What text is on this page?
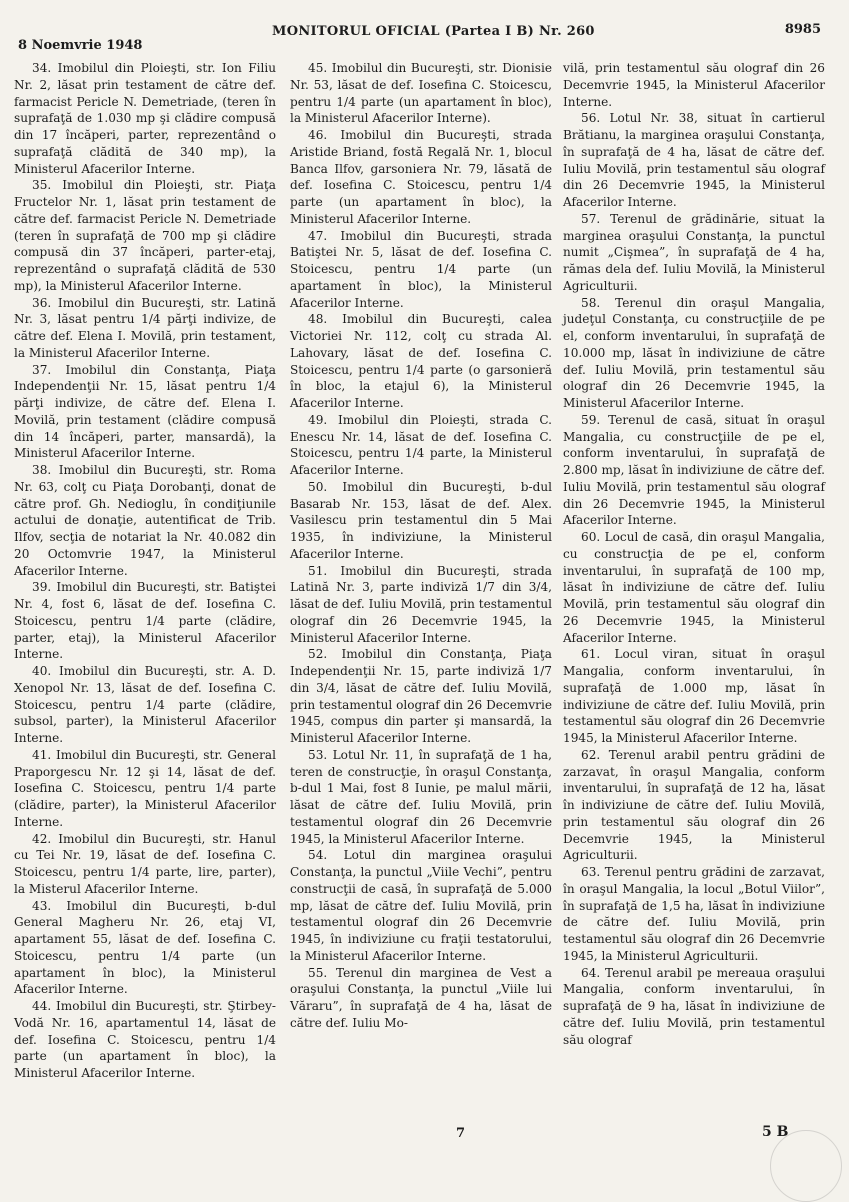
8 Noemvrie 1948
MONITORUL OFICIAL (Partea I B) Nr. 260	8985

34. Imobilul din Ploieşti, str. Ion Filiu Nr. 2, lăsat prin testament de către def. farmacist Pericle N. Demetriade, (teren în suprafaţă de 1.030 mp şi clădire compusă din 17 încăperi, parter, reprezentând o suprafaţă clădită de 340 mp), la Ministerul Afacerilor Interne.

35. Imobilul din Ploieşti, str. Piaţa Fructelor Nr. 1, lăsat prin testament de către def. farmacist Pericle N. Demetriade (teren în suprafaţă de 700 mp şi clădire compusă din 37 încăperi, parter-etaj, reprezentând o suprafaţă clădită de 530 mp), la Ministerul Afacerilor Interne.

36. Imobilul din Bucureşti, str. Latină Nr. 3, lăsat pentru 1/4 părţi indivize, de către def. Elena I. Movilă, prin testament, la Ministerul Afacerilor Interne.

37. Imobilul din Constanţa, Piaţa Independenţii Nr. 15, lăsat pentru 1/4 părţi indivize, de către def. Elena I. Movilă, prin testament (clădire compusă din 14 încăperi, parter, mansardă), la Ministerul Afacerilor Interne.

38. Imobilul din Bucureşti, str. Roma Nr. 63, colţ cu Piaţa Dorobanţi, donat de către prof. Gh. Nedioglu, în condiţiunile actului de donaţie, autentificat de Trib. Ilfov, secţia de notariat la Nr. 40.082 din 20 Octomvrie 1947, la Ministerul Afacerilor Interne.

39. Imobilul din Bucureşti, str. Batiştei Nr. 4, fost 6, lăsat de def. Iosefina C. Stoicescu, pentru 1/4 parte (clădire, parter, etaj), la Ministerul Afacerilor Interne.

40. Imobilul din Bucureşti, str. A. D. Xenopol Nr. 13, lăsat de def. Iosefina C. Stoicescu, pentru 1/4 parte (clădire, subsol, parter), la Ministerul Afacerilor Interne.

41. Imobilul din Bucureşti, str. General Praporgescu Nr. 12 şi 14, lăsat de def. Iosefina C. Stoicescu, pentru 1/4 parte (clădire, parter), la Ministerul Afacerilor Interne.

42. Imobilul din Bucureşti, str. Hanul cu Tei Nr. 19, lăsat de def. Iosefina C. Stoicescu, pentru 1/4 parte, lire, parter), la Misterul Afacerilor Interne.

43. Imobilul din Bucureşti, b-dul General Magheru Nr. 26, etaj VI, apartament 55, lăsat de def. Iosefina C. Stoicescu, pentru 1/4 parte (un apartament în bloc), la Ministerul Afacerilor Interne.

44. Imobilul din Bucureşti, str. Ştirbey-Vodă Nr. 16, apartamentul 14, lăsat de def. Iosefina C. Stoicescu, pentru 1/4 parte (un apartament în bloc), la Ministerul Afacerilor Interne.

45. Imobilul din Bucureşti, str. Dionisie Nr. 53, lăsat de def. Iosefina C. Stoicescu, pentru 1/4 parte (un apartament în bloc), la Ministerul Afacerilor Interne).

46. Imobilul din Bucureşti, strada Aristide Briand, fostă Regală Nr. 1, blocul Banca Ilfov, garsoniera Nr. 79, lăsată de def. Iosefina C. Stoicescu, pentru 1/4 parte (un apartament în bloc), la Ministerul Afacerilor Interne.

47. Imobilul din Bucureşti, strada Batiştei Nr. 5, lăsat de def. Iosefina C. Stoicescu, pentru 1/4 parte (un apartament în bloc), la Ministerul Afacerilor Interne.

48. Imobilul din Bucureşti, calea Victoriei Nr. 112, colţ cu strada Al. Lahovary, lăsat de def. Iosefina C. Stoicescu, pentru 1/4 parte (o garsonieră în bloc, la etajul 6), la Ministerul Afacerilor Interne.

49. Imobilul din Ploieşti, strada C. Enescu Nr. 14, lăsat de def. Iosefina C. Stoicescu, pentru 1/4 parte, la Ministerul Afacerilor Interne.

50. Imobilul din Bucureşti, b-dul Basarab Nr. 153, lăsat de def. Alex. Vasilescu prin testamentul din 5 Mai 1935, în indiviziune, la Ministerul Afacerilor Interne.

51. Imobilul din Bucureşti, strada Latină Nr. 3, parte indiviză 1/7 din 3/4, lăsat de def. Iuliu Movilă, prin testamentul olograf din 26 Decemvrie 1945, la Ministerul Afacerilor Interne.

52. Imobilul din Constanţa, Piaţa Independenţii Nr. 15, parte indiviză 1/7 din 3/4, lăsat de către def. Iuliu Movilă, prin testamentul olograf din 26 Decemvrie 1945, compus din parter şi mansardă, la Ministerul Afacerilor Interne.

53. Lotul Nr. 11, în suprafaţă de 1 ha, teren de construcţie, în oraşul Constanţa, b-dul 1 Mai, fost 8 Iunie, pe malul mării, lăsat de către def. Iuliu Movilă, prin testamentul olograf din 26 Decemvrie 1945, la Ministerul Afacerilor Interne.

54. Lotul din marginea oraşului Constanţa, la punctul „Viile Vechi”, pentru construcţii de casă, în suprafaţă de 5.000 mp, lăsat de către def. Iuliu Movilă, prin testamentul olograf din 26 Decemvrie 1945, în indiviziune cu fraţii testatorului, la Ministerul Afacerilor Interne.

55. Terenul din marginea de Vest a oraşului Constanţa, la punctul „Viile lui Văraru”, în suprafaţă de 4 ha, lăsat de către def. Iuliu Mo-

vilă, prin testamentul său olograf din 26 Decemvrie 1945, la Ministerul Afacerilor Interne.

56. Lotul Nr. 38, situat în cartierul Brătianu, la marginea oraşului Constanţa, în suprafaţă de 4 ha, lăsat de către def. Iuliu Movilă, prin testamentul său olograf din 26 Decemvrie 1945, la Ministerul Afacerilor Interne.

57. Terenul de grădinărie, situat la marginea oraşului Constanţa, la punctul numit „Cişmea”, în suprafaţă de 4 ha, rămas dela def. Iuliu Movilă, la Ministerul Agriculturii.

58. Terenul din oraşul Mangalia, judeţul Constanţa, cu construcţiile de pe el, conform inventarului, în suprafaţă de 10.000 mp, lăsat în indiviziune de către def. Iuliu Movilă, prin testamentul său olograf din 26 Decemvrie 1945, la Ministerul Afacerilor Interne.

59. Terenul de casă, situat în oraşul Mangalia, cu construcţiile de pe el, conform inventarului, în suprafaţă de 2.800 mp, lăsat în indiviziune de către def. Iuliu Movilă, prin testamentul său olograf din 26 Decemvrie 1945, la Ministerul Afacerilor Interne.

60. Locul de casă, din oraşul Mangalia, cu construcţia de pe el, conform inventarului, în suprafaţă de 100 mp, lăsat în indiviziune de către def. Iuliu Movilă, prin testamentul său olograf din 26 Decemvrie 1945, la Ministerul Afacerilor Interne.

61. Locul viran, situat în oraşul Mangalia, conform inventarului, în suprafaţă de 1.000 mp, lăsat în indiviziune de către def. Iuliu Movilă, prin testamentul său olograf din 26 Decemvrie 1945, la Ministerul Afacerilor Interne.

62. Terenul arabil pentru grădini de zarzavat, în oraşul Mangalia, conform inventarului, în suprafaţă de 12 ha, lăsat în indiviziune de către def. Iuliu Movilă, prin testamentul său olograf din 26 Decemvrie 1945, la Ministerul Agriculturii.

63. Terenul pentru grădini de zarzavat, în oraşul Mangalia, la locul „Botul Viilor”, în suprafaţă de 1,5 ha, lăsat în indiviziune de către def. Iuliu Movilă, prin testamentul său olograf din 26 Decemvrie 1945, la Ministerul Agriculturii.

64. Terenul arabil pe mereaua oraşului Mangalia, conform inventarului, în suprafaţă de 9 ha, lăsat în indiviziune de către def. Iuliu Movilă, prin testamentul său olograf

7	5 B
